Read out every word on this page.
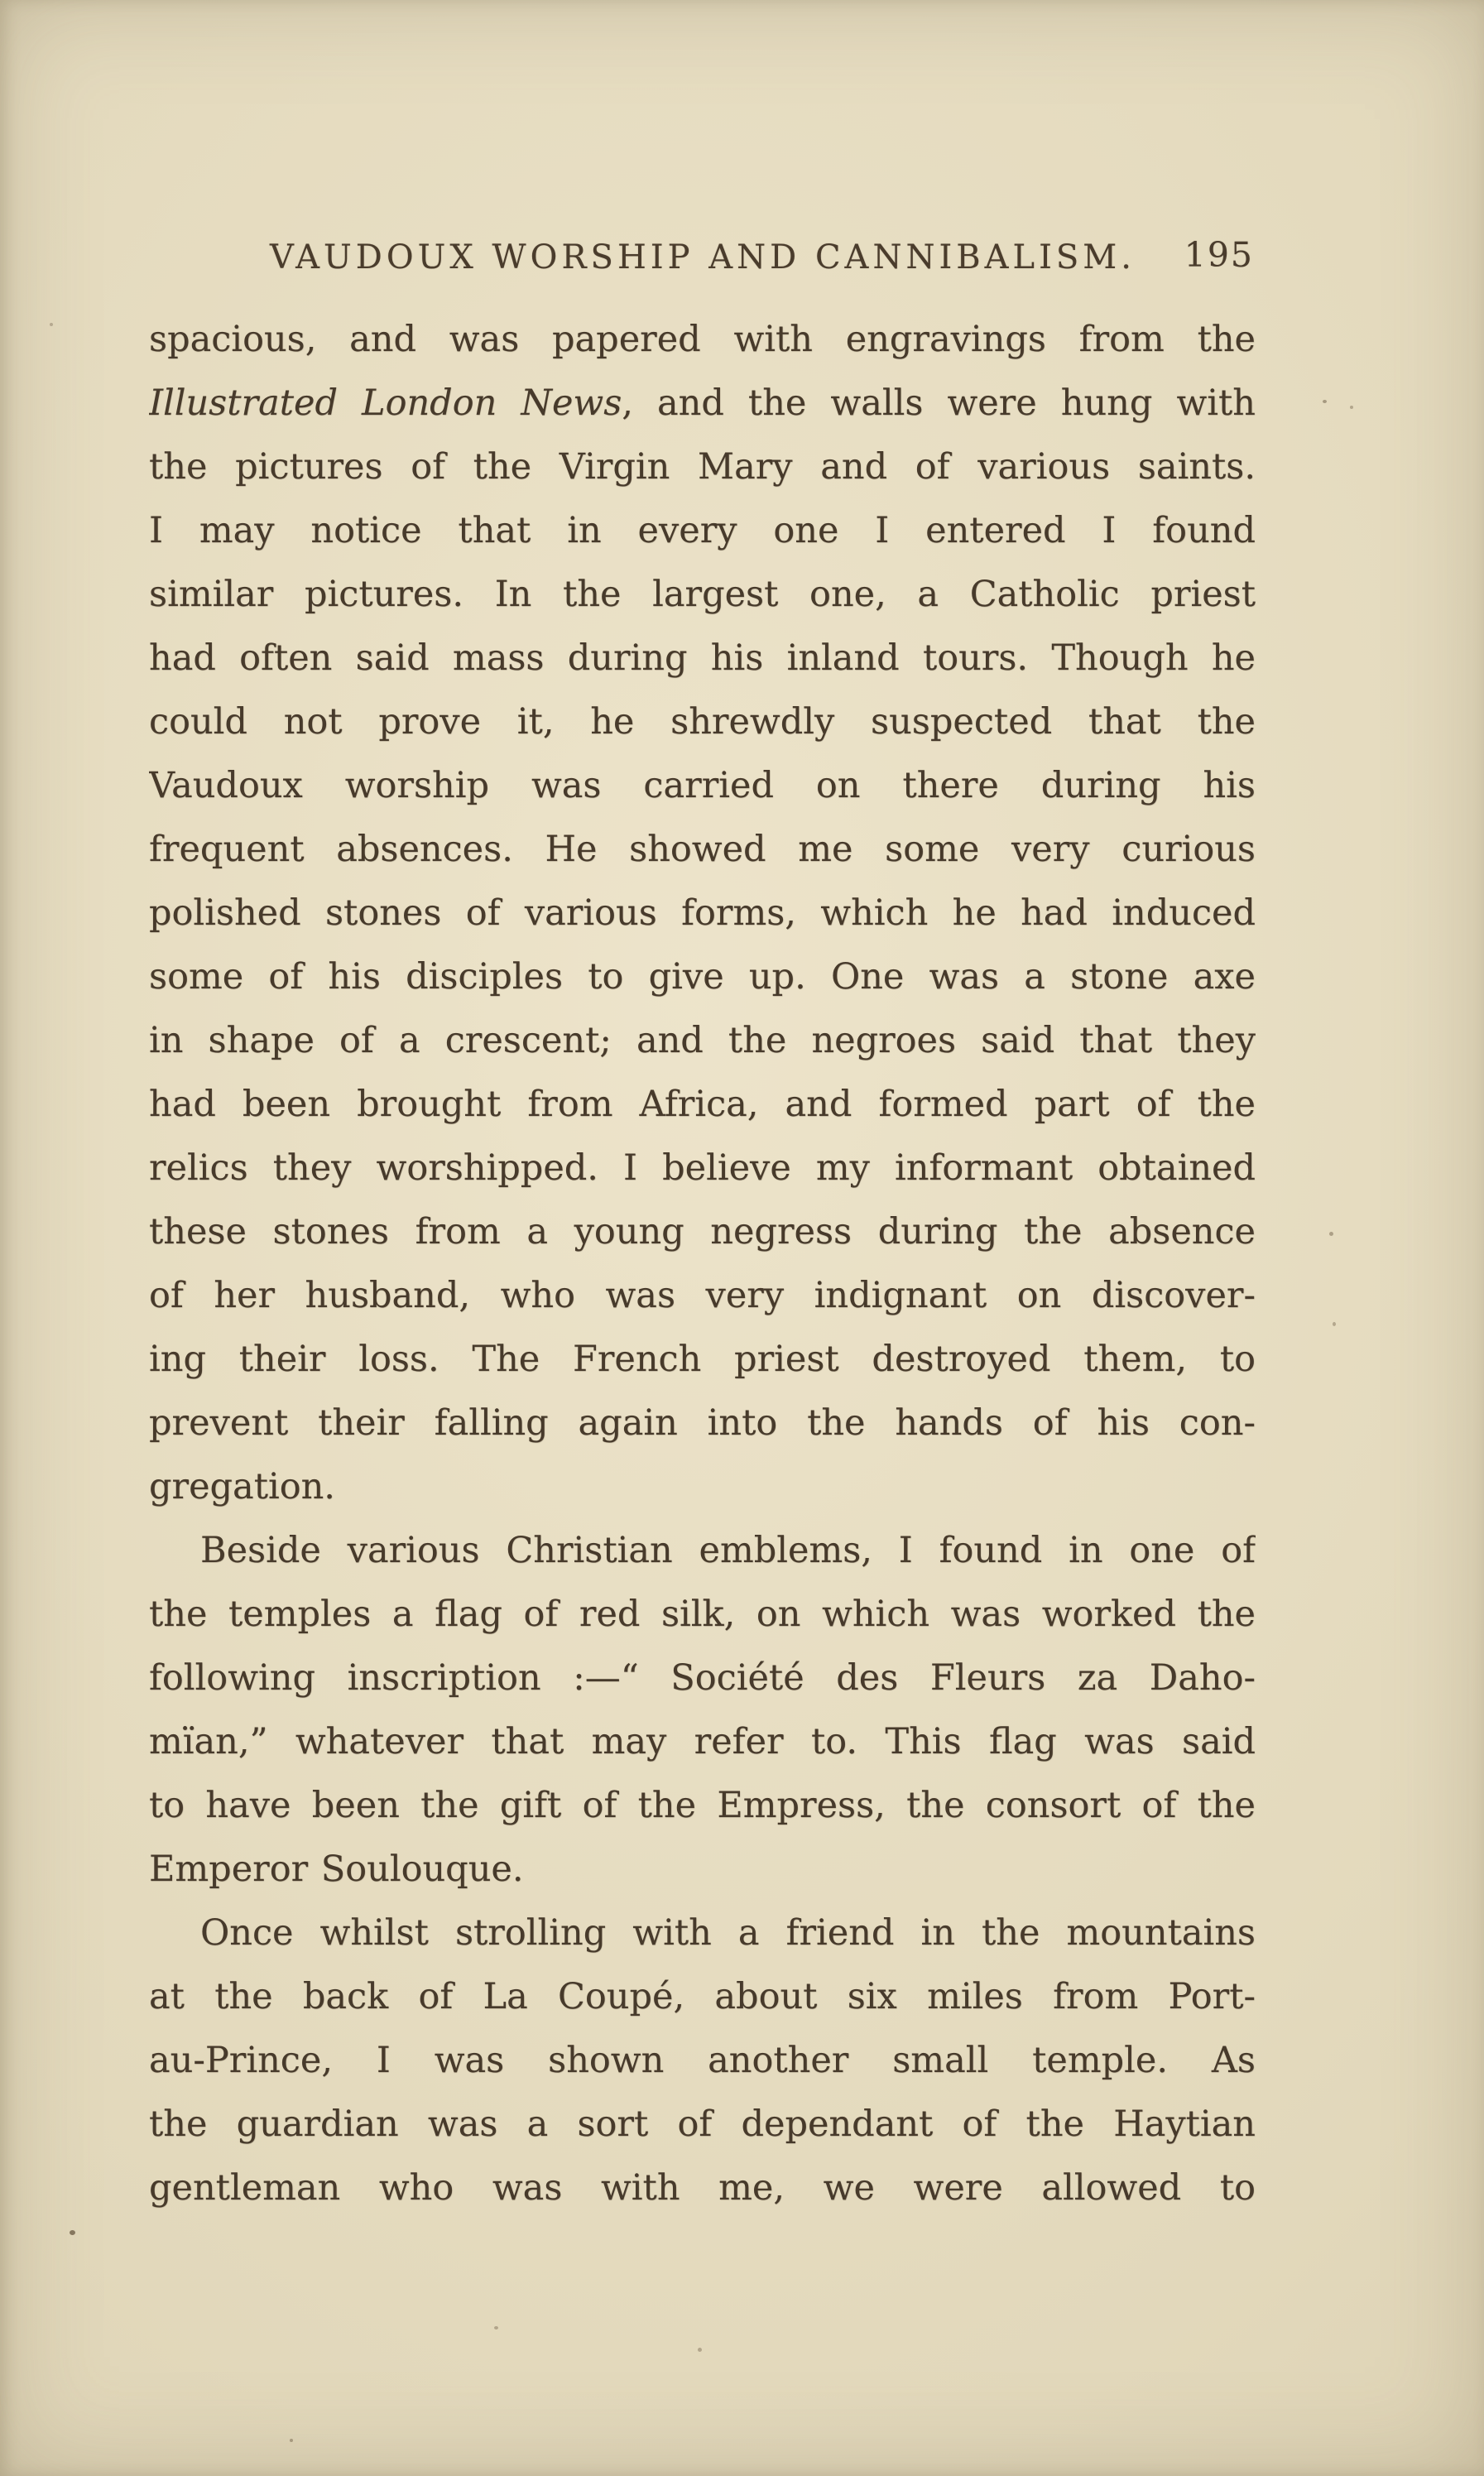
VAUDOUX WORSHIP AND CANNIBALISM. 195
spacious, and was papered with engravings from the
Illustrated London News, and the walls were hung with
the pictures of the Virgin Mary and of various saints.
I may notice that in every one I entered I found
similar pictures. In the largest one, a Catholic priest
had often said mass during his inland tours. Though he
could not prove it, he shrewdly suspected that the
Vaudoux worship was carried on there during his
frequent absences. He showed me some very curious
polished stones of various forms, which he had induced
some of his disciples to give up. One was a stone axe
in shape of a crescent; and the negroes said that they
had been brought from Africa, and formed part of the
relics they worshipped. I believe my informant obtained
these stones from a young negress during the absence
of her husband, who was very indignant on discover-
ing their loss. The French priest destroyed them, to
prevent their falling again into the hands of his con-
gregation.
Beside various Christian emblems, I found in one of
the temples a flag of red silk, on which was worked the
following inscription :—“ Société des Fleurs za Daho-
mïan,” whatever that may refer to. This flag was said
to have been the gift of the Empress, the consort of the
Emperor Soulouque.
Once whilst strolling with a friend in the mountains
at the back of La Coupé, about six miles from Port-
au-Prince, I was shown another small temple. As
the guardian was a sort of dependant of the Haytian
gentleman who was with me, we were allowed to
